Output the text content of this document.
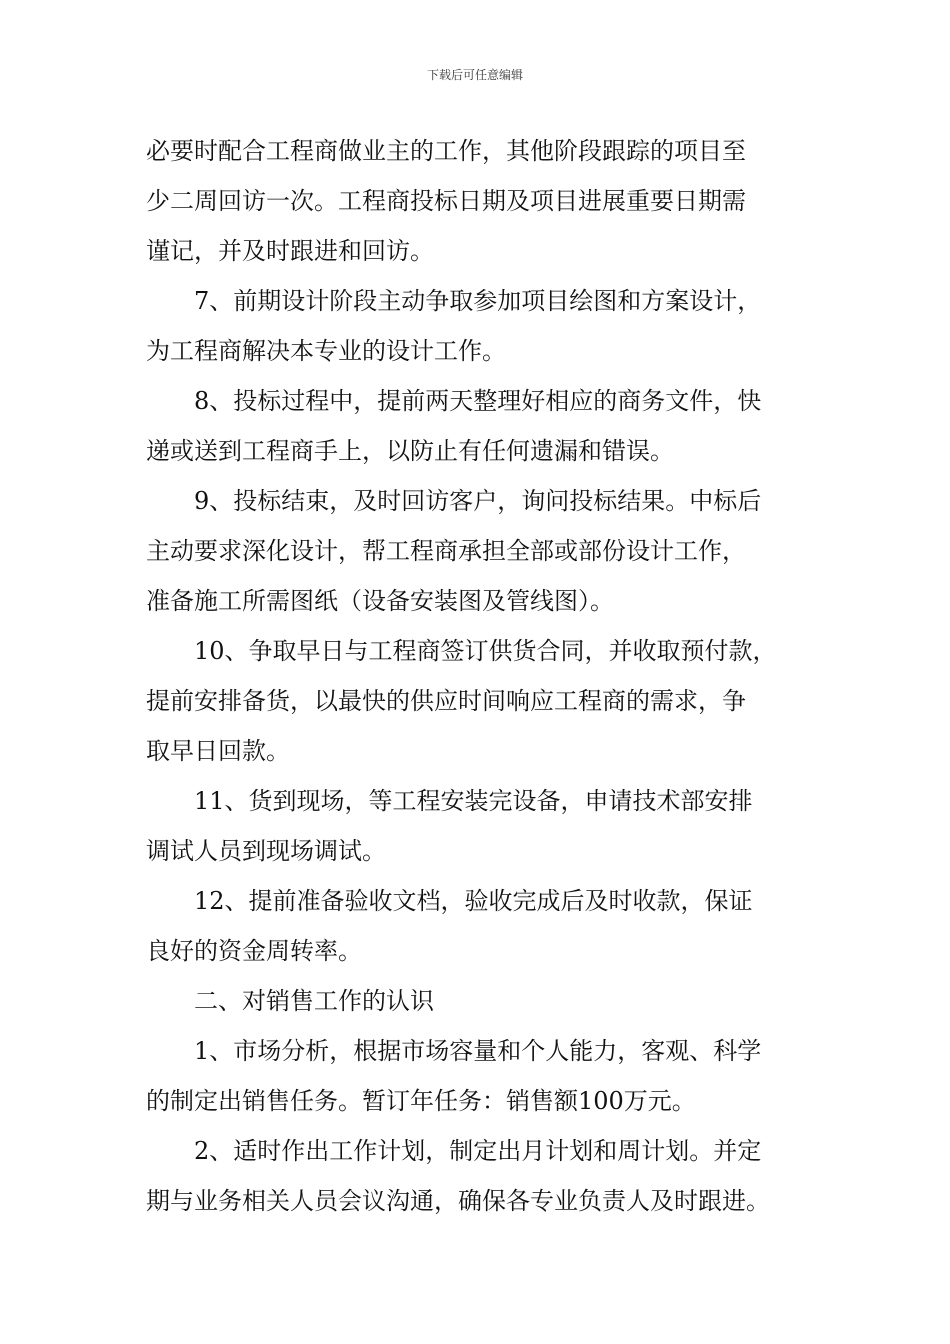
下载后可任意编辑
必要时配合工程商做业主的工作，其他阶段跟踪的项目至
少二周回访一次。工程商投标日期及项目进展重要日期需
谨记，并及时跟进和回访。
7、前期设计阶段主动争取参加项目绘图和方案设计，
为工程商解决本专业的设计工作。
8、投标过程中，提前两天整理好相应的商务文件，快
递或送到工程商手上，以防止有任何遗漏和错误。
9、投标结束，及时回访客户，询问投标结果。中标后
主动要求深化设计，帮工程商承担全部或部份设计工作，
准备施工所需图纸（设备安装图及管线图）。
10、争取早日与工程商签订供货合同，并收取预付款，
提前安排备货，以最快的供应时间响应工程商的需求，争
取早日回款。
11、货到现场，等工程安装完设备，申请技术部安排
调试人员到现场调试。
12、提前准备验收文档，验收完成后及时收款，保证
良好的资金周转率。
二、对销售工作的认识
1、市场分析，根据市场容量和个人能力，客观、科学
的制定出销售任务。暂订年任务：销售额100万元。
2、适时作出工作计划，制定出月计划和周计划。并定
期与业务相关人员会议沟通，确保各专业负责人及时跟进。
